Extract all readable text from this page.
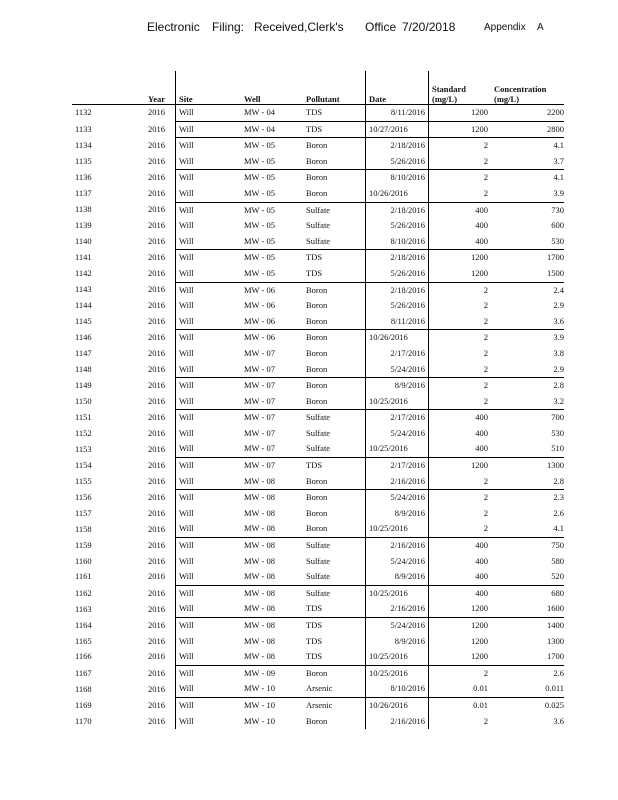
Electronic Filing: Received,Clerk's Office 7/20/2018	Appendix A
	Year	Site	Well	Pollutant	Date	Standard
(mg/L)	Concentration
(mg/L)
1132	2016	Will	MW - 04	TDS	8/11/2016	1200	2200
1133	2016	Will	MW - 04	TDS	10/27/2016	1200	2800
1134	2016	Will	MW - 05	Boron	2/18/2016	2	4.1
1135	2016	Will	MW - 05	Boron	5/26/2016	2	3.7
1136	2016	Will	MW - 05	Boron	8/10/2016	2	4.1
1137	2016	Will	MW - 05	Boron	10/26/2016	2	3.9
1138	2016	Will	MW - 05	Sulfate	2/18/2016	400	730
1139	2016	Will	MW - 05	Sulfate	5/26/2016	400	600
1140	2016	Will	MW - 05	Sulfate	8/10/2016	400	530
1141	2016	Will	MW - 05	TDS	2/18/2016	1200	1700
1142	2016	Will	MW - 05	TDS	5/26/2016	1200	1500
1143	2016	Will	MW - 06	Boron	2/18/2016	2	2.4
1144	2016	Will	MW - 06	Boron	5/26/2016	2	2.9
1145	2016	Will	MW - 06	Boron	8/11/2016	2	3.6
1146	2016	Will	MW - 06	Boron	10/26/2016	2	3.9
1147	2016	Will	MW - 07	Boron	2/17/2016	2	3.8
1148	2016	Will	MW - 07	Boron	5/24/2016	2	2.9
1149	2016	Will	MW - 07	Boron	8/9/2016	2	2.8
1150	2016	Will	MW - 07	Boron	10/25/2016	2	3.2
1151	2016	Will	MW - 07	Sulfate	2/17/2016	400	700
1152	2016	Will	MW - 07	Sulfate	5/24/2016	400	530
1153	2016	Will	MW - 07	Sulfate	10/25/2016	400	510
1154	2016	Will	MW - 07	TDS	2/17/2016	1200	1300
1155	2016	Will	MW - 08	Boron	2/16/2016	2	2.8
1156	2016	Will	MW - 08	Boron	5/24/2016	2	2.3
1157	2016	Will	MW - 08	Boron	8/9/2016	2	2.6
1158	2016	Will	MW - 08	Boron	10/25/2016	2	4.1
1159	2016	Will	MW - 08	Sulfate	2/16/2016	400	750
1160	2016	Will	MW - 08	Sulfate	5/24/2016	400	580
1161	2016	Will	MW - 08	Sulfate	8/9/2016	400	520
1162	2016	Will	MW - 08	Sulfate	10/25/2016	400	680
1163	2016	Will	MW - 08	TDS	2/16/2016	1200	1600
1164	2016	Will	MW - 08	TDS	5/24/2016	1200	1400
1165	2016	Will	MW - 08	TDS	8/9/2016	1200	1300
1166	2016	Will	MW - 08	TDS	10/25/2016	1200	1700
1167	2016	Will	MW - 09	Boron	10/25/2016	2	2.6
1168	2016	Will	MW - 10	Arsenic	8/10/2016	0.01	0.011
1169	2016	Will	MW - 10	Arsenic	10/26/2016	0.01	0.025
1170	2016	Will	MW - 10	Boron	2/16/2016	2	3.6
